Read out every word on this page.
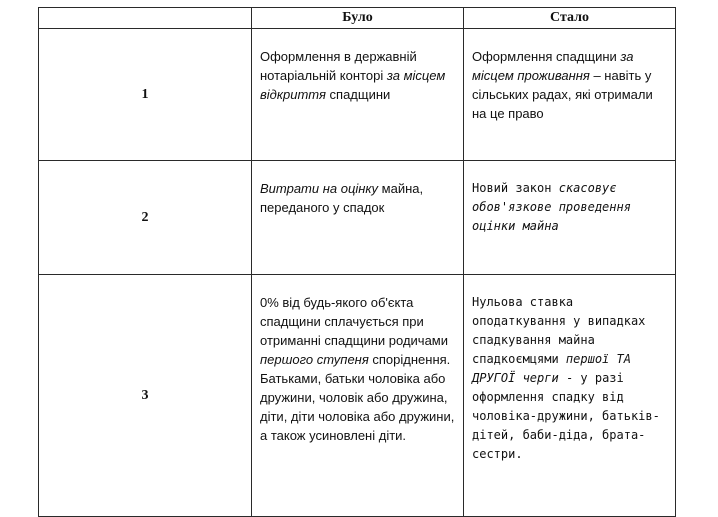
	Було	Стало
1	Оформлення в державній нотаріальній конторі за місцем відкриття спадщини	Оформлення спадщини за місцем проживання – навіть у сільських радах, які отримали на це право
2	Витрати на оцінку майна, переданого у спадок	Новий закон скасовує обов'язкове проведення оцінки майна
3	0% від будь-якого об'єкта спадщини сплачується при отриманні спадщини родичами першого ступеня споріднення. Батьками, батьки чоловіка або дружини, чоловік або дружина, діти, діти чоловіка або дружини, а також усиновлені діти.	Нульова ставка оподаткування у випадках спадкування майна спадкоємцями першої ТА ДРУГОЇ черги - у разі оформлення спадку від чоловіка-дружини, батьків-дітей, баби-діда, брата-сестри.
